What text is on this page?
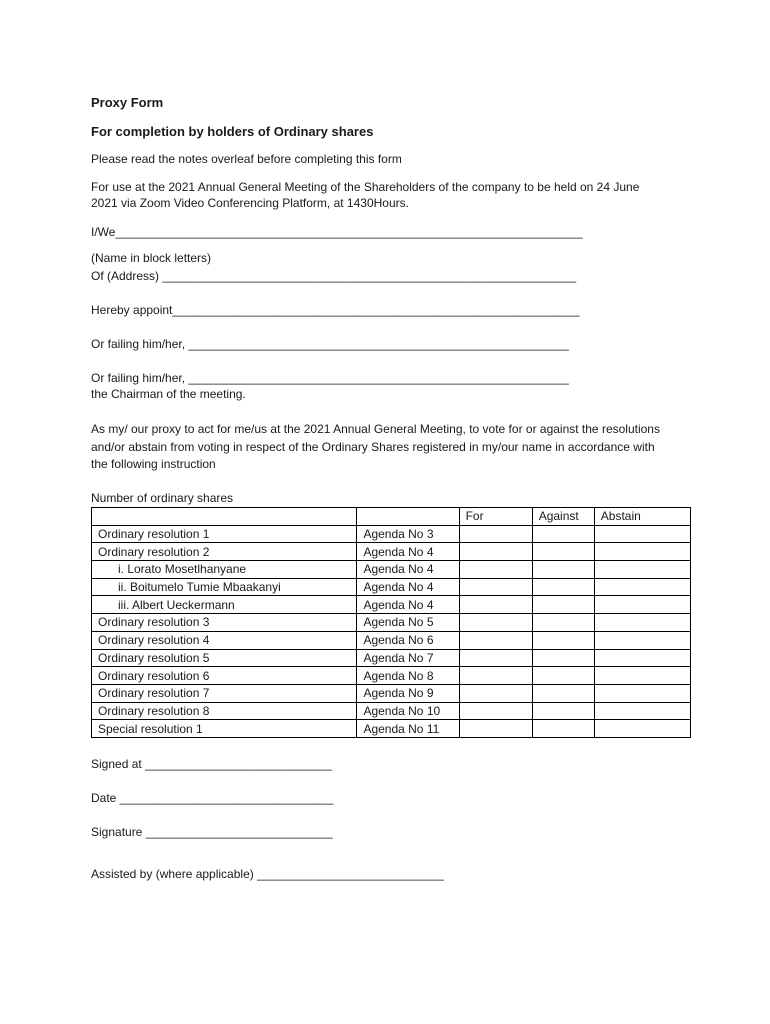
Proxy Form
For completion by holders of Ordinary shares
Please read the notes overleaf before completing this form
For use at the 2021 Annual General Meeting of the Shareholders of the company to be held on 24 June
2021 via Zoom Video Conferencing Platform, at 1430Hours.
I/We______________________________________________________________________
(Name in block letters)
Of (Address) ______________________________________________________________
Hereby appoint_____________________________________________________________
Or failing him/her, _________________________________________________________
Or failing him/her, _________________________________________________________
the Chairman of the meeting.
As my/ our proxy to act for me/us at the 2021 Annual General Meeting, to vote for or against the resolutions
and/or abstain from voting in respect of the Ordinary Shares registered in my/our name in accordance with
the following instruction
Number of ordinary shares
		For	Against	Abstain
Ordinary resolution 1	Agenda No 3			
Ordinary resolution 2	Agenda No 4			
i. Lorato Mosetlhanyane	Agenda No 4			
ii. Boitumelo Tumie Mbaakanyi	Agenda No 4			
iii. Albert Ueckermann	Agenda No 4			
Ordinary resolution 3	Agenda No 5			
Ordinary resolution 4	Agenda No 6			
Ordinary resolution 5	Agenda No 7			
Ordinary resolution 6	Agenda No 8			
Ordinary resolution 7	Agenda No 9			
Ordinary resolution 8	Agenda No 10			
Special resolution 1	Agenda No 11			
Signed at ____________________________
Date ________________________________
Signature ____________________________
Assisted by (where applicable) ____________________________
